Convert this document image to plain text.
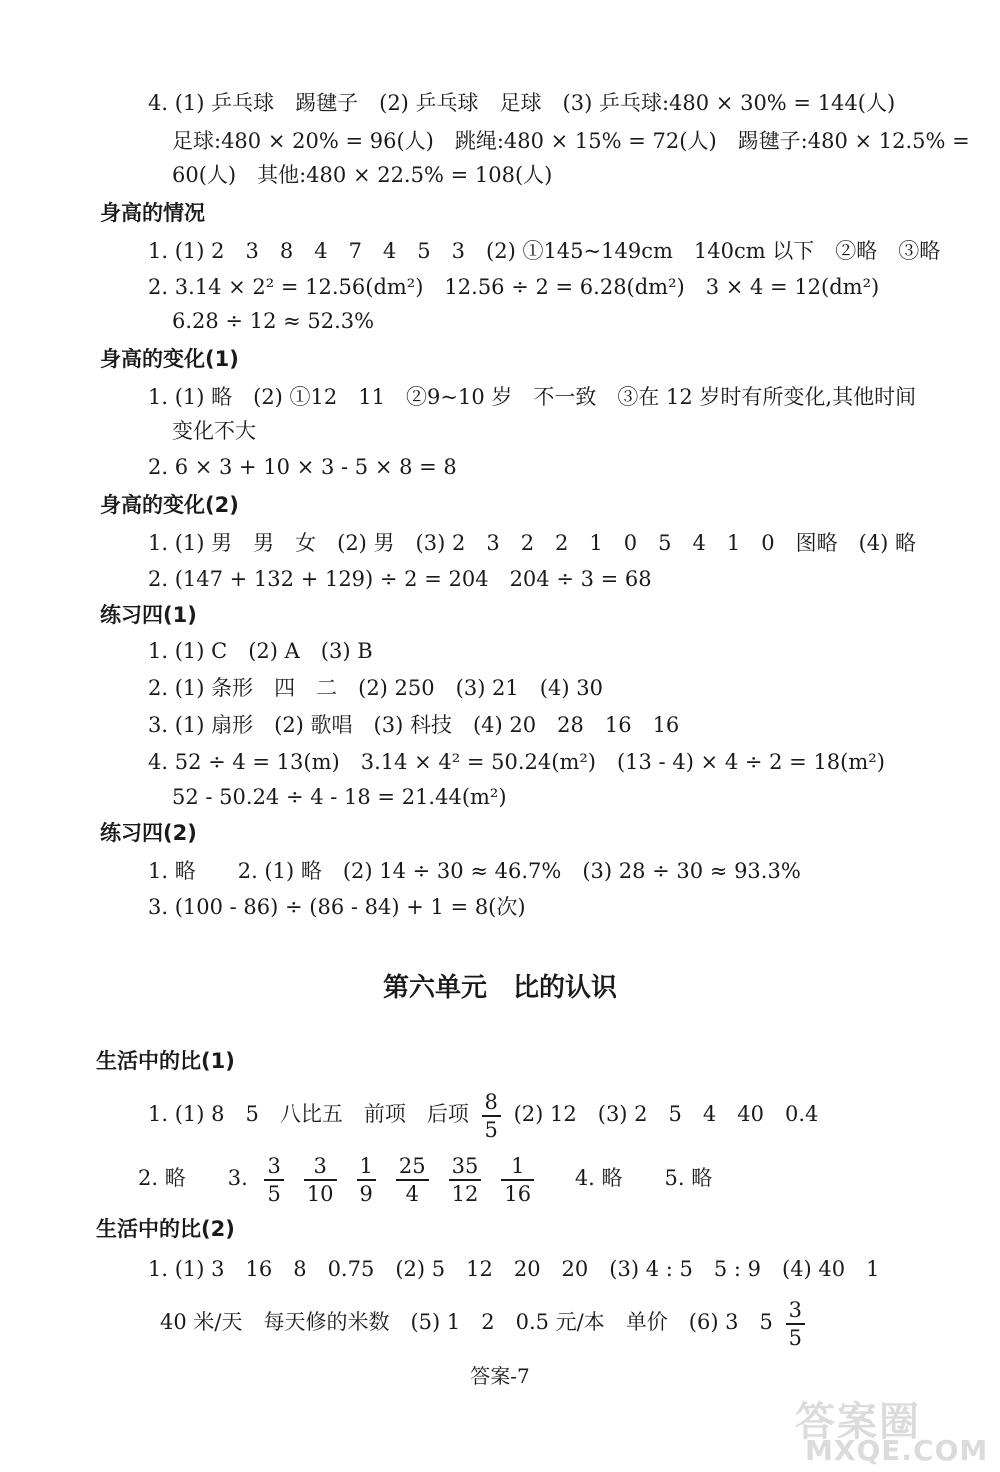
4. (1) 乒乓球　踢毽子　(2) 乒乓球　足球　(3) 乒乓球:480 × 30% = 144(人)
足球:480 × 20% = 96(人)　跳绳:480 × 15% = 72(人)　踢毽子:480 × 12.5% =
60(人)　其他:480 × 22.5% = 108(人)
身高的情况
1. (1) 2　3　8　4　7　4　5　3　(2) ①145~149cm　140cm 以下　②略　③略
2. 3.14 × 2² = 12.56(dm²)　12.56 ÷ 2 = 6.28(dm²)　3 × 4 = 12(dm²)
6.28 ÷ 12 ≈ 52.3%
身高的变化(1)
1. (1) 略　(2) ①12　11　②9~10 岁　不一致　③在 12 岁时有所变化,其他时间
变化不大
2. 6 × 3 + 10 × 3 - 5 × 8 = 8
身高的变化(2)
1. (1) 男　男　女　(2) 男　(3) 2　3　2　2　1　0　5　4　1　0　图略　(4) 略
2. (147 + 132 + 129) ÷ 2 = 204　204 ÷ 3 = 68
练习四(1)
1. (1) C　(2) A　(3) B
2. (1) 条形　四　二　(2) 250　(3) 21　(4) 30
3. (1) 扇形　(2) 歌唱　(3) 科技　(4) 20　28　16　16
4. 52 ÷ 4 = 13(m)　3.14 × 4² = 50.24(m²)　(13 - 4) × 4 ÷ 2 = 18(m²)
52 - 50.24 ÷ 4 - 18 = 21.44(m²)
练习四(2)
1. 略　　2. (1) 略　(2) 14 ÷ 30 ≈ 46.7%　(3) 28 ÷ 30 ≈ 93.3%
3. (100 - 86) ÷ (86 - 84) + 1 = 8(次)
第六单元　比的认识
生活中的比(1)
1. (1) 8　5　八比五　前项　后项 $\frac{8}{5} (2)$ 12　(3) 2　5　4　40　0.4
2. 略　　3. $\frac{3}{5} \frac{3}{10} \frac{1}{9} \frac{25}{4} \frac{35}{12} \frac{1}{16} 4$. 略　　5. 略
生活中的比(2)
1. (1) 3　16　8　0.75　(2) 5　12　20　20　(3) 4 : 5　5 : 9　(4) 40　1
40 米/天　每天修的米数　(5) 1　2　0.5 元/本　单价　(6) 3　$5 \frac{3}{5}$
答案-7
答案圈
MXQE.COM
